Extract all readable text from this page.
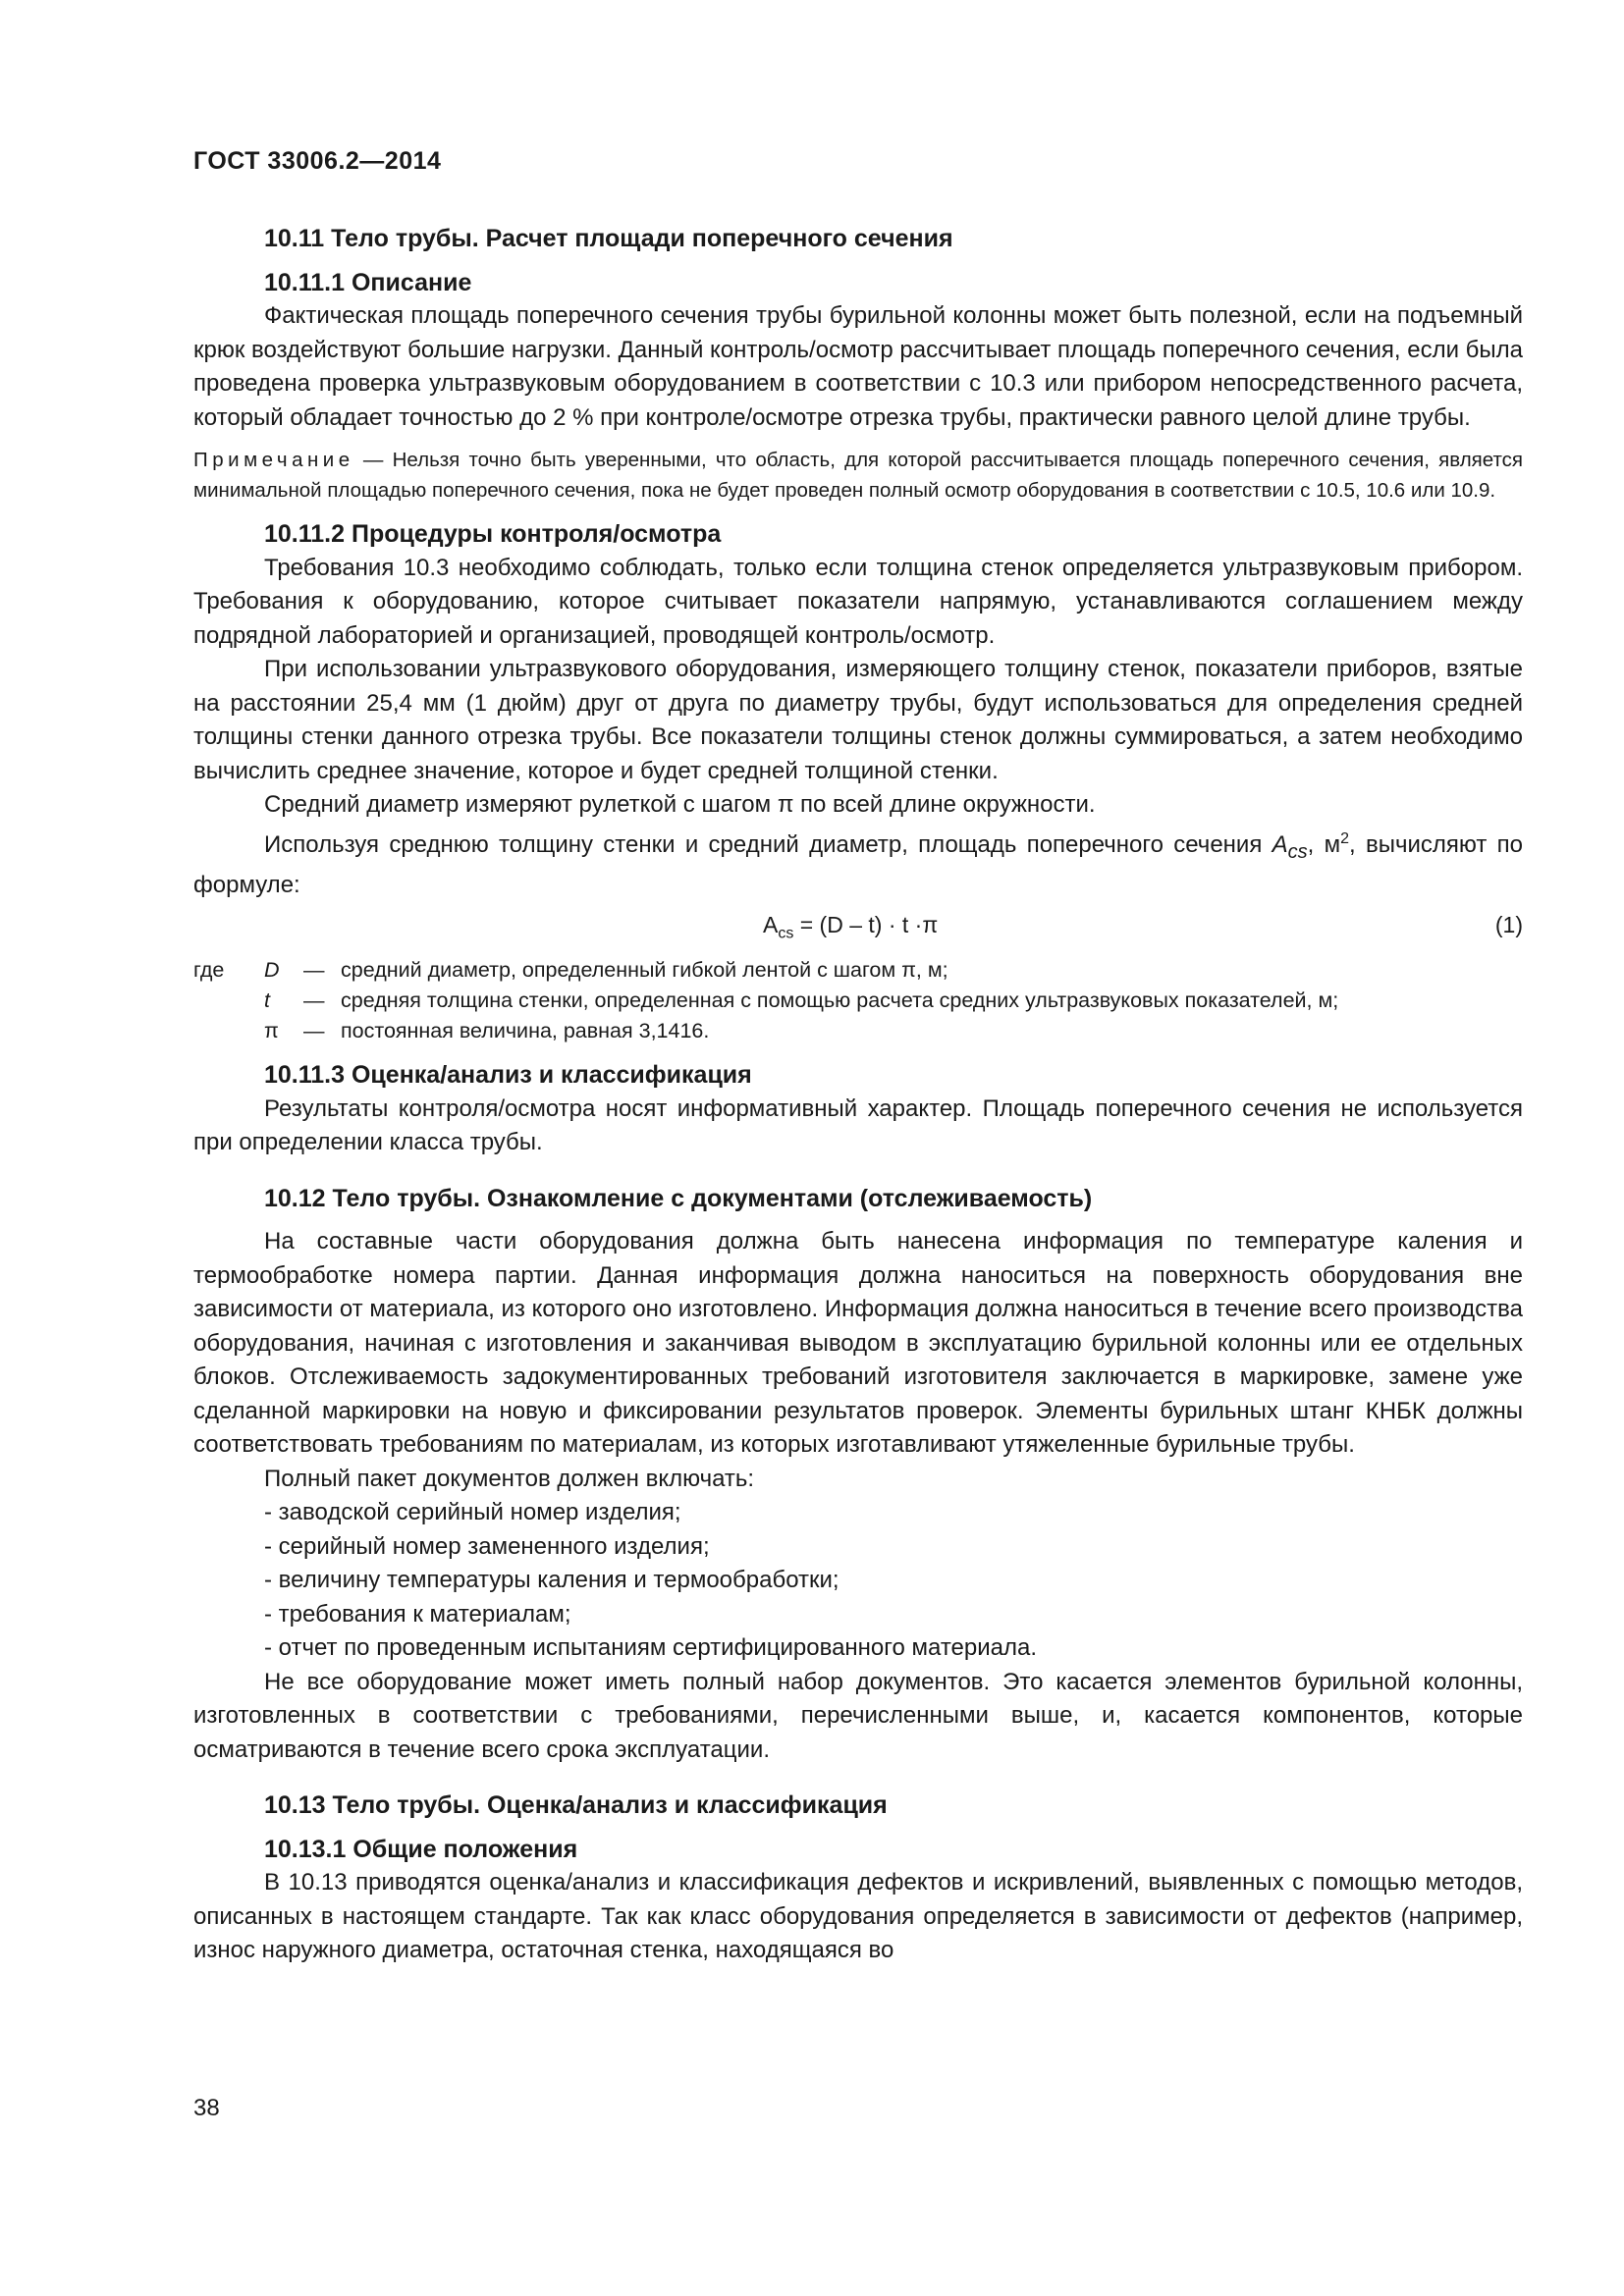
ГОСТ 33006.2—2014
10.11 Тело трубы. Расчет площади поперечного сечения
10.11.1 Описание

Фактическая площадь поперечного сечения трубы бурильной колонны может быть полезной, если на подъемный крюк воздействуют большие нагрузки. Данный контроль/осмотр рассчитывает площадь поперечного сечения, если была проведена проверка ультразвуковым оборудованием в соответствии с 10.3 или прибором непосредственного расчета, который обладает точностью до 2 % при контроле/осмотре отрезка трубы, практически равного целой длине трубы.

Примечание — Нельзя точно быть уверенными, что область, для которой рассчитывается площадь поперечного сечения, является минимальной площадью поперечного сечения, пока не будет проведен полный осмотр оборудования в соответствии с 10.5, 10.6 или 10.9.
10.11.2 Процедуры контроля/осмотра

Требования 10.3 необходимо соблюдать, только если толщина стенок определяется ультразвуковым прибором. Требования к оборудованию, которое считывает показатели напрямую, устанавливаются соглашением между подрядной лабораторией и организацией, проводящей контроль/осмотр.

При использовании ультразвукового оборудования, измеряющего толщину стенок, показатели приборов, взятые на расстоянии 25,4 мм (1 дюйм) друг от друга по диаметру трубы, будут использоваться для определения средней толщины стенки данного отрезка трубы. Все показатели толщины стенок должны суммироваться, а затем необходимо вычислить среднее значение, которое и будет средней толщиной стенки.

Средний диаметр измеряют рулеткой с шагом π по всей длине окружности.

Используя среднюю толщину стенки и средний диаметр, площадь поперечного сечения $A_{cs}$, $м^2$, вычисляют по формуле:

$A_{cs} = (D - t) \cdot t \cdot\pi$	(1)
где	D	— средний диаметр, определенный гибкой лентой с шагом π, м;
t	— средняя толщина стенки, определенная с помощью расчета средних ультразвуковых показателей, м;
π	— постоянная величина, равная 3,1416.
10.11.3 Оценка/анализ и классификация

Результаты контроля/осмотра носят информативный характер. Площадь поперечного сечения не используется при определении класса трубы.

10.12 Тело трубы. Ознакомление с документами (отслеживаемость)

На составные части оборудования должна быть нанесена информация по температуре каления и термообработке номера партии. Данная информация должна наноситься на поверхность оборудования вне зависимости от материала, из которого оно изготовлено. Информация должна наноситься в течение всего производства оборудования, начиная с изготовления и заканчивая выводом в эксплуатацию бурильной колонны или ее отдельных блоков. Отслеживаемость задокументированных требований изготовителя заключается в маркировке, замене уже сделанной маркировки на новую и фиксировании результатов проверок. Элементы бурильных штанг КНБК должны соответствовать требованиям по материалам, из которых изготавливают утяжеленные бурильные трубы.

Полный пакет документов должен включать:

- заводской серийный номер изделия;
- серийный номер замененного изделия;
- величину температуры каления и термообработки;
- требования к материалам;
- отчет по проведенным испытаниям сертифицированного материала.

Не все оборудование может иметь полный набор документов. Это касается элементов бурильной колонны, изготовленных в соответствии с требованиями, перечисленными выше, и, касается компонентов, которые осматриваются в течение всего срока эксплуатации.

10.13 Тело трубы. Оценка/анализ и классификация
10.13.1 Общие положения

В 10.13 приводятся оценка/анализ и классификация дефектов и искривлений, выявленных с помощью методов, описанных в настоящем стандарте. Так как класс оборудования определяется в зависимости от дефектов (например, износ наружного диаметра, остаточная стенка, находящаяся во

38
